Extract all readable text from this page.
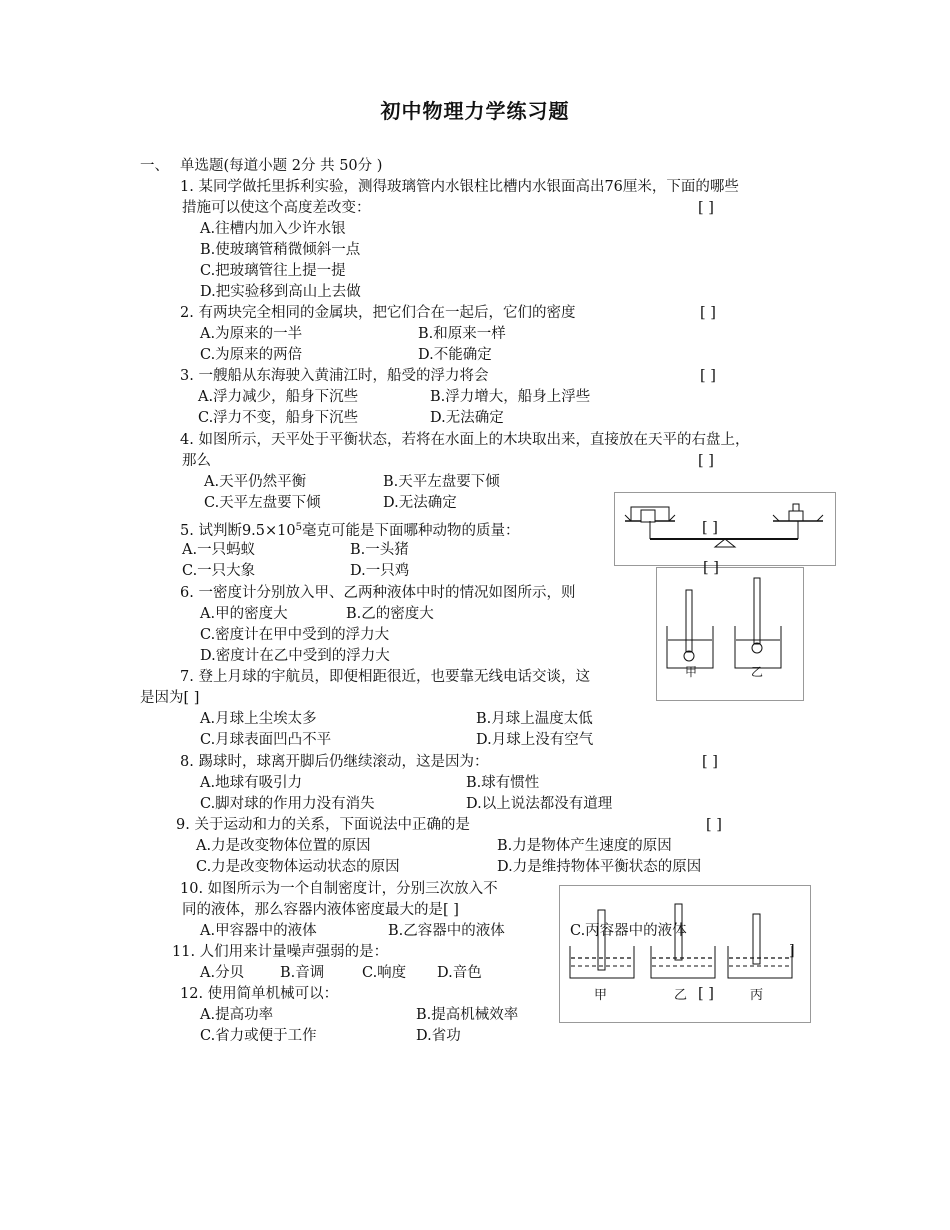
初中物理力学练习题
一、 单选题(每道小题 2分 共 50分 )
1. 某同学做托里拆利实验，测得玻璃管内水银柱比槽内水银面高出76厘米，下面的哪些
措施可以使这个高度差改变：	[ ]
A.往槽内加入少许水银
B.使玻璃管稍微倾斜一点
C.把玻璃管往上提一提
D.把实验移到高山上去做
2. 有两块完全相同的金属块，把它们合在一起后，它们的密度	[ ]
A.为原来的一半	B.和原来一样
C.为原来的两倍	D.不能确定
3. 一艘船从东海驶入黄浦江时，船受的浮力将会	[ ]
A.浮力减少，船身下沉些	B.浮力增大，船身上浮些
C.浮力不变，船身下沉些	D.无法确定
4. 如图所示，天平处于平衡状态，若将在水面上的木块取出来，直接放在天平的右盘上，
那么	[ ]
A.天平仍然平衡	B.天平左盘要下倾
C.天平左盘要下倾	D.无法确定
5. 试判断$9.5\times 10^5$毫克可能是下面哪种动物的质量：	[ ]
A.一只蚂蚁	B.一头猪
C.一只大象	D.一只鸡	[ ]
甲	乙
6. 一密度计分别放入甲、乙两种液体中时的情况如图所示，则
A.甲的密度大	B.乙的密度大
C.密度计在甲中受到的浮力大
D.密度计在乙中受到的浮力大
7. 登上月球的宇航员，即便相距很近，也要靠无线电话交谈，这
是因为[ ]
A.月球上尘埃太多	B.月球上温度太低
C.月球表面凹凸不平	D.月球上没有空气
8. 踢球时，球离开脚后仍继续滚动，这是因为：	[ ]
A.地球有吸引力	B.球有惯性
C.脚对球的作用力没有消失	D.以上说法都没有道理
9. 关于运动和力的关系，下面说法中正确的是	[ ]
A.力是改变物体位置的原因	B.力是物体产生速度的原因
C.力是改变物体运动状态的原因	D.力是维持物体平衡状态的原因
10. 如图所示为一个自制密度计，分别三次放入不
同的液体，那么容器内液体密度最大的是[ ]
A.甲容器中的液体	B.乙容器中的液体	C.丙容器中的液体
]
甲	乙 [ ]	丙
11. 人们用来计量噪声强弱的是：
A.分贝 B.音调	C.响度 D.音色
12. 使用简单机械可以：
A.提高功率	B.提高机械效率
C.省力或便于工作	D.省功
